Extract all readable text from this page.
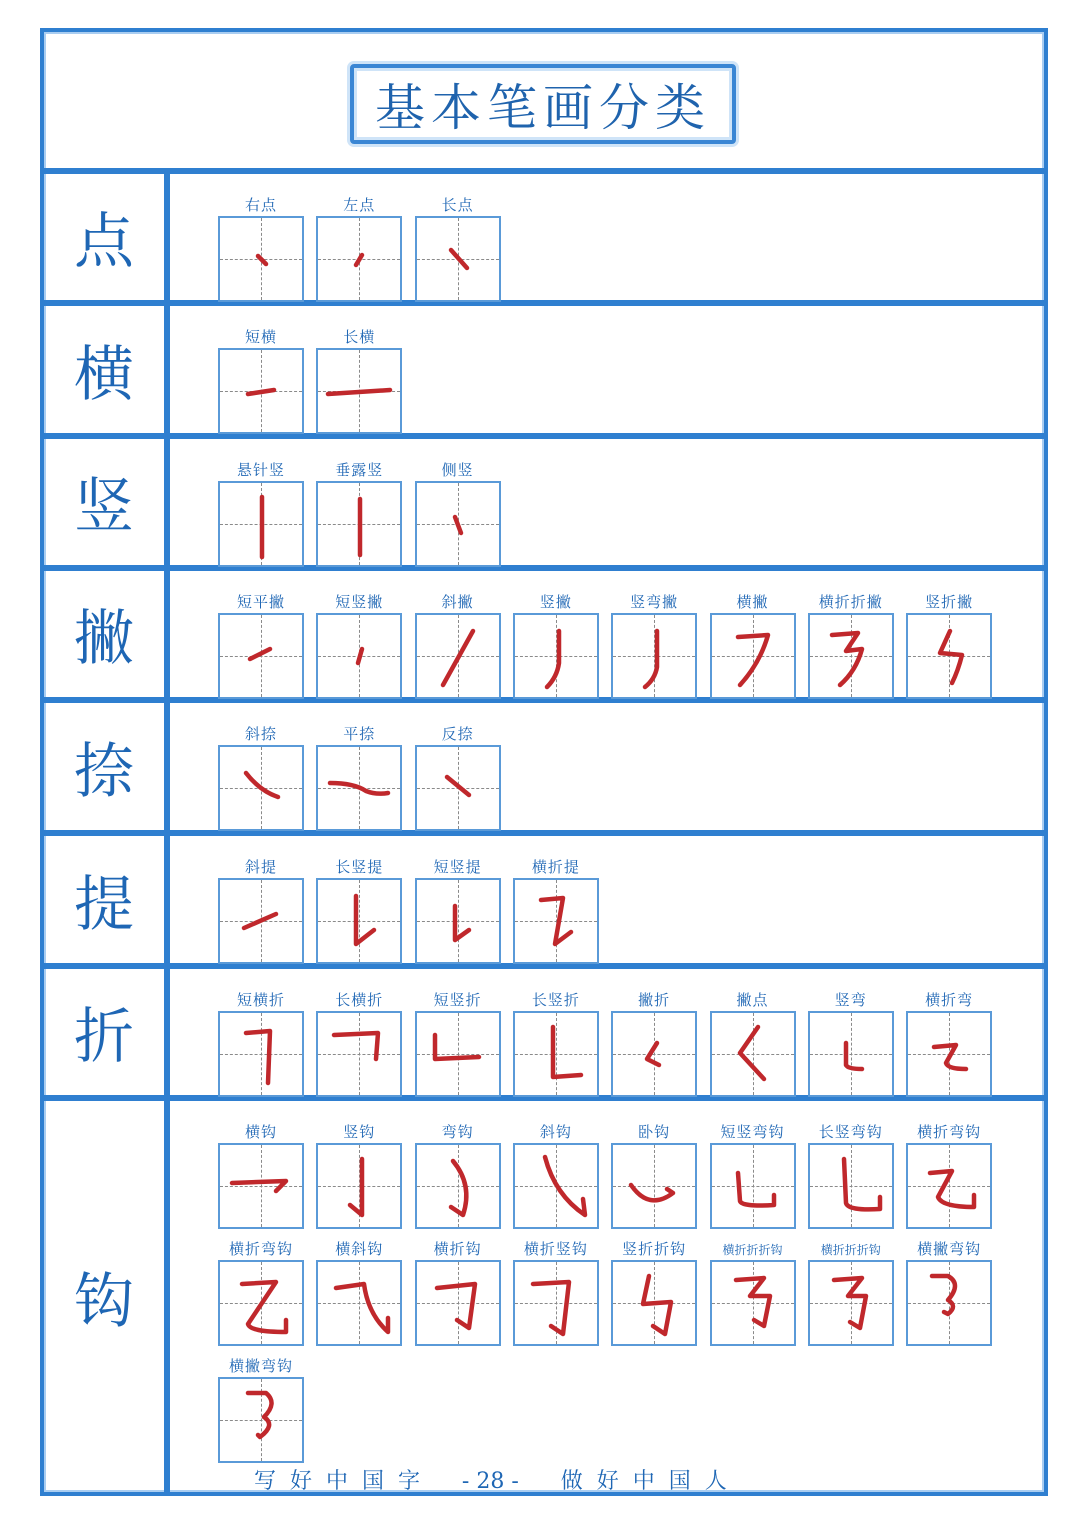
基本笔画分类
点
右点	左点	长点
横
短横	长横
竖
悬针竖	垂露竖	侧竖
撇
短平撇	短竖撇	斜撇	竖撇	竖弯撇	横撇	横折折撇	竖折撇
捺
斜捺	平捺	反捺
提
斜提	长竖提	短竖提	横折提
折
短横折	长横折	短竖折	长竖折	撇折	撇点	竖弯	横折弯
钩
横钩	竖钩	弯钩	斜钩	卧钩	短竖弯钩	长竖弯钩	横折弯钩
横折弯钩	横斜钩	横折钩	横折竖钩	竖折折钩	横折折折钩	横折折折钩	横撇弯钩
横撇弯钩
写  好  中  国  字 - 28 - 做  好  中  国  人
